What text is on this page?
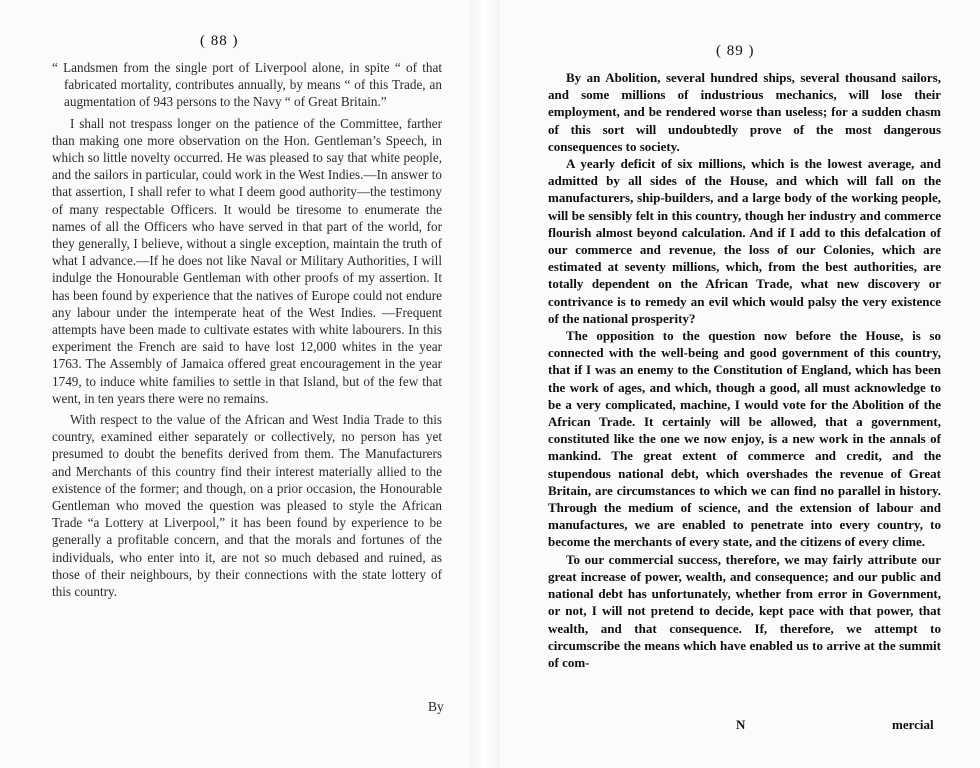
( 88 )

“ Landsmen from the single port of Liverpool alone, in spite “ of that fabricated mortality, contributes annually, by means “ of this Trade, an augmentation of 943 persons to the Navy “ of Great Britain.”

I shall not trespass longer on the patience of the Committee, farther than making one more observation on the Hon. Gentleman’s Speech, in which so little novelty occurred. He was pleased to say that white people, and the sailors in particular, could work in the West Indies.—In answer to that assertion, I shall refer to what I deem good authority—the testimony of many respectable Officers. It would be tiresome to enumerate the names of all the Officers who have served in that part of the world, for they generally, I believe, without a single exception, maintain the truth of what I advance.—If he does not like Naval or Military Authorities, I will indulge the Honourable Gentleman with other proofs of my assertion. It has been found by experience that the natives of Europe could not endure any labour under the intemperate heat of the West Indies. —Frequent attempts have been made to cultivate estates with white labourers. In this experiment the French are said to have lost 12,000 whites in the year 1763. The Assembly of Jamaica offered great encouragement in the year 1749, to induce white families to settle in that Island, but of the few that went, in ten years there were no remains.

With respect to the value of the African and West India Trade to this country, examined either separately or collectively, no person has yet presumed to doubt the benefits derived from them. The Manufacturers and Merchants of this country find their interest materially allied to the existence of the former; and though, on a prior occasion, the Honourable Gentleman who moved the question was pleased to style the African Trade “a Lottery at Liverpool,” it has been found by experience to be generally a profitable concern, and that the morals and fortunes of the individuals, who enter into it, are not so much debased and ruined, as those of their neighbours, by their connections with the state lottery of this country.

By
( 89 )

By an Abolition, several hundred ships, several thousand sailors, and some millions of industrious mechanics, will lose their employment, and be rendered worse than useless; for a sudden chasm of this sort will undoubtedly prove of the most dangerous consequences to society.

A yearly deficit of six millions, which is the lowest average, and admitted by all sides of the House, and which will fall on the manufacturers, ship-builders, and a large body of the working people, will be sensibly felt in this country, though her industry and commerce flourish almost beyond calculation. And if I add to this defalcation of our commerce and revenue, the loss of our Colonies, which are estimated at seventy millions, which, from the best authorities, are totally dependent on the African Trade, what new discovery or contrivance is to remedy an evil which would palsy the very existence of the national prosperity?

The opposition to the question now before the House, is so connected with the well-being and good government of this country, that if I was an enemy to the Constitution of England, which has been the work of ages, and which, though a good, all must acknowledge to be a very complicated, machine, I would vote for the Abolition of the African Trade. It certainly will be allowed, that a government, constituted like the one we now enjoy, is a new work in the annals of mankind. The great extent of commerce and credit, and the stupendous national debt, which overshades the revenue of Great Britain, are circumstances to which we can find no parallel in history. Through the medium of science, and the extension of labour and manufactures, we are enabled to penetrate into every country, to become the merchants of every state, and the citizens of every clime.

To our commercial success, therefore, we may fairly attribute our great increase of power, wealth, and consequence; and our public and national debt has unfortunately, whether from error in Government, or not, I will not pretend to decide, kept pace with that power, that wealth, and that consequence. If, therefore, we attempt to circumscribe the means which have enabled us to arrive at the summit of com-

N	mercial
